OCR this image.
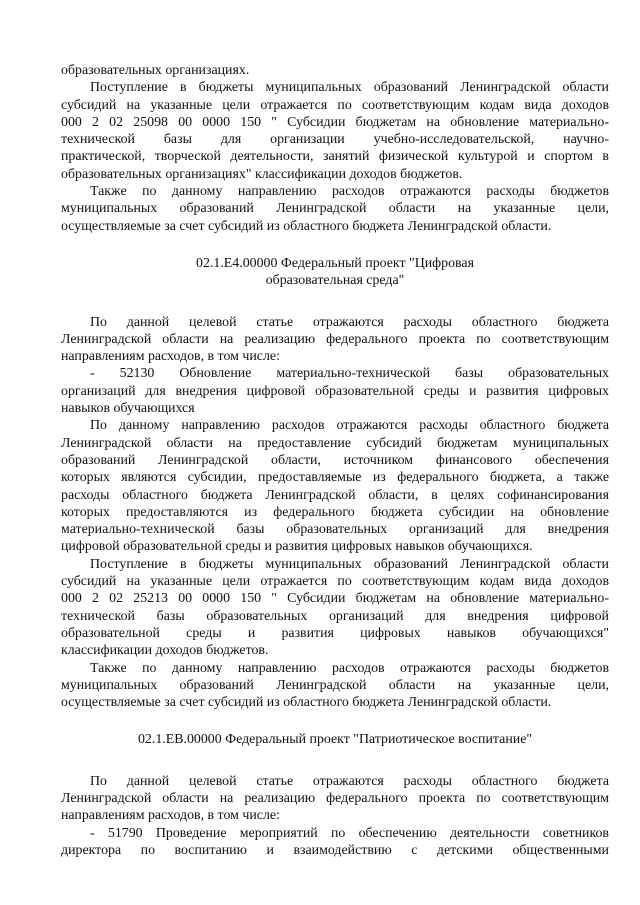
образовательных организациях.
Поступление в бюджеты муниципальных образований Ленинградской области
субсидий на указанные цели отражается по соответствующим кодам вида доходов
000 2 02 25098 00 0000 150 " Субсидии бюджетам на обновление материально-
технической базы для организации учебно-исследовательской, научно-
практической, творческой деятельности, занятий физической культурой и спортом в
образовательных организациях" классификации доходов бюджетов.
Также по данному направлению расходов отражаются расходы бюджетов
муниципальных образований Ленинградской области на указанные цели,
осуществляемые за счет субсидий из областного бюджета Ленинградской области.
02.1.Е4.00000 Федеральный проект "Цифровая
образовательная среда"
По данной целевой статье отражаются расходы областного бюджета
Ленинградской области на реализацию федерального проекта по соответствующим
направлениям расходов, в том числе:
- 52130 Обновление материально-технической базы образовательных
организаций для внедрения цифровой образовательной среды и развития цифровых
навыков обучающихся
По данному направлению расходов отражаются расходы областного бюджета
Ленинградской области на предоставление субсидий бюджетам муниципальных
образований Ленинградской области, источником финансового обеспечения
которых являются субсидии, предоставляемые из федерального бюджета, а также
расходы областного бюджета Ленинградской области, в целях софинансирования
которых предоставляются из федерального бюджета субсидии на обновление
материально-технической базы образовательных организаций для внедрения
цифровой образовательной среды и развития цифровых навыков обучающихся.
Поступление в бюджеты муниципальных образований Ленинградской области
субсидий на указанные цели отражается по соответствующим кодам вида доходов
000 2 02 25213 00 0000 150 " Субсидии бюджетам на обновление материально-
технической базы образовательных организаций для внедрения цифровой
образовательной среды и развития цифровых навыков обучающихся"
классификации доходов бюджетов.
Также по данному направлению расходов отражаются расходы бюджетов
муниципальных образований Ленинградской области на указанные цели,
осуществляемые за счет субсидий из областного бюджета Ленинградской области.
02.1.ЕВ.00000 Федеральный проект "Патриотическое воспитание"
По данной целевой статье отражаются расходы областного бюджета
Ленинградской области на реализацию федерального проекта по соответствующим
направлениям расходов, в том числе:
- 51790 Проведение мероприятий по обеспечению деятельности советников
директора по воспитанию и взаимодействию с детскими общественными
